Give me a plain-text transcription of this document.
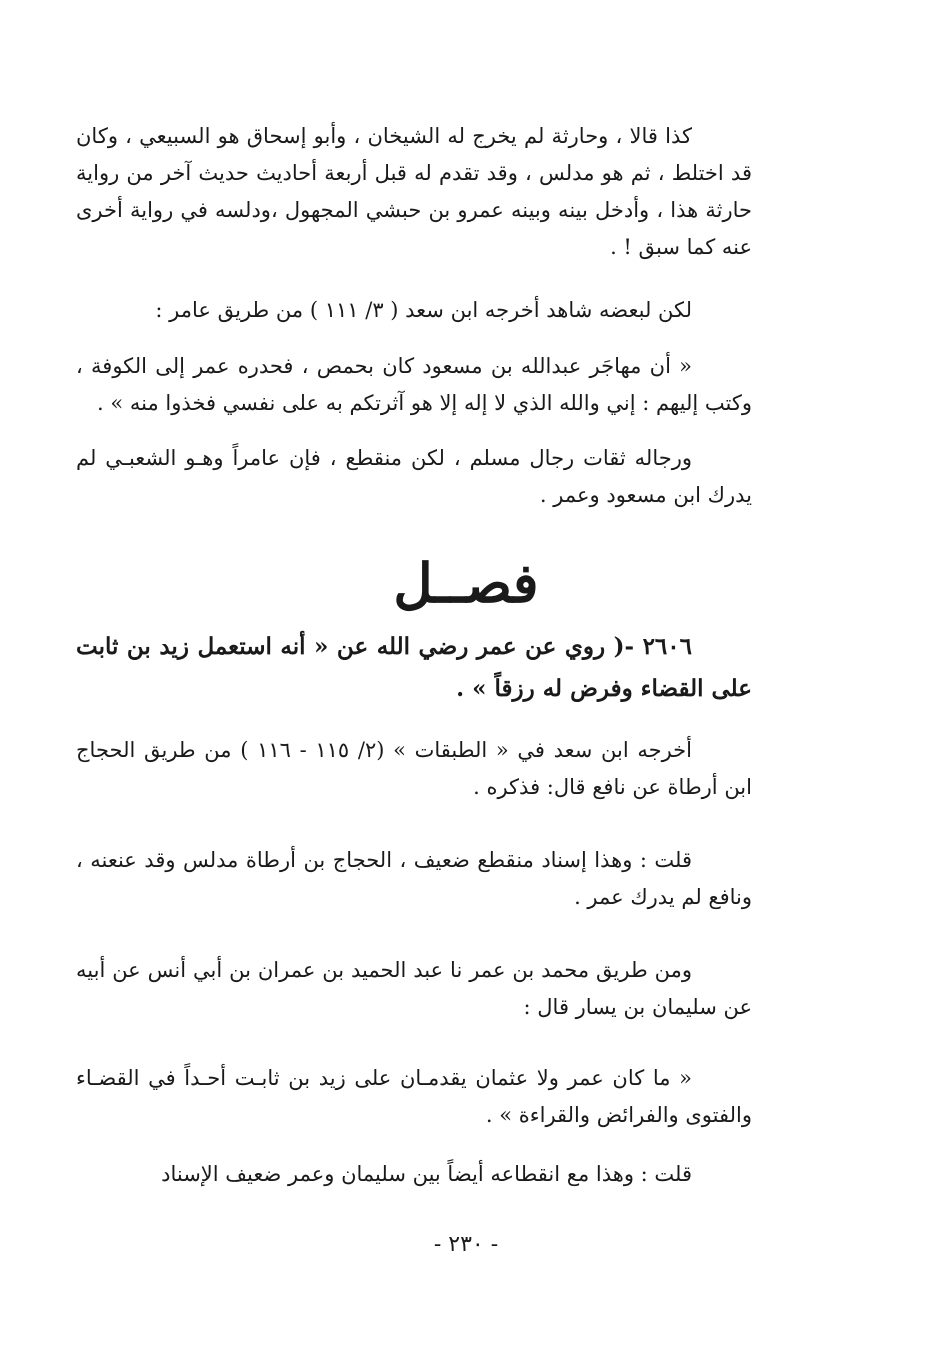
كذا قالا ، وحارثة لم يخرج له الشيخان ، وأبو إسحاق هو السبيعي ، وكان قد اختلط ، ثم هو مدلس ، وقد تقدم له قبل أربعة أحاديث حديث آخر من رواية حارثة هذا ، وأدخل بينه وبينه عمرو بن حبشي المجهول ،ودلسه في رواية أخرى عنه كما سبق ! .
لكن لبعضه شاهد أخرجه ابن سعد ( ٣/ ١١١ ) من طريق عامر :
« أن مهاجَر عبدالله بن مسعود كان بحمص ، فحدره عمر إلى الكوفة ، وكتب إليهم : إني والله الذي لا إله إلا هو آثرتكم به على نفسي فخذوا منه » .
ورجاله ثقات رجال مسلم ، لكن منقطع ، فإن عامراً وهـو الشعبـي لم يدرك ابن مسعود وعمر .
فصــل
٢٦٠٦ -( روي عن عمر رضي الله عن « أنه استعمل زيد بن ثابت على القضاء وفرض له رزقاً » .
أخرجه ابن سعد في « الطبقات » (٢/ ١١٥ - ١١٦ ) من طريق الحجاج ابن أرطاة عن نافع قال: فذكره .
قلت : وهذا إسناد منقطع ضعيف ، الحجاج بن أرطاة مدلس وقد عنعنه ، ونافع لم يدرك عمر .
ومن طريق محمد بن عمر نا عبد الحميد بن عمران بن أبي أنس عن أبيه عن سليمان بن يسار قال :
« ما كان عمر ولا عثمان يقدمـان على زيد بن ثابـت أحـداً في القضـاء والفتوى والفرائض والقراءة » .
قلت : وهذا مع انقطاعه أيضاً بين سليمان وعمر ضعيف الإسناد
- ٢٣٠ -
